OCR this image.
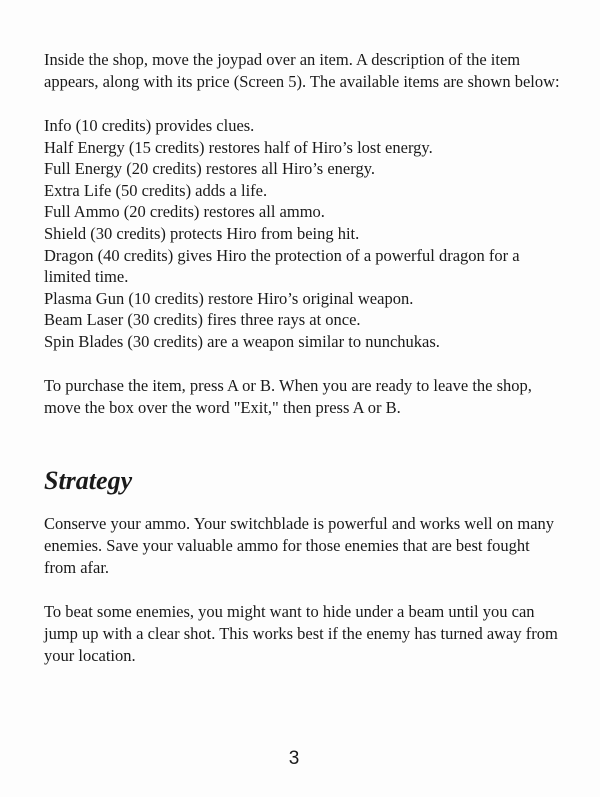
Inside the shop, move the joypad over an item. A description of the item appears, along with its price (Screen 5). The available items are shown below:

Info (10 credits) provides clues.
Half Energy (15 credits) restores half of Hiro’s lost energy.
Full Energy (20 credits) restores all Hiro’s energy.
Extra Life (50 credits) adds a life.
Full Ammo (20 credits) restores all ammo.
Shield (30 credits) protects Hiro from being hit.
Dragon (40 credits) gives Hiro the protection of a powerful dragon for a limited time.
Plasma Gun (10 credits) restore Hiro’s original weapon.
Beam Laser (30 credits) fires three rays at once.
Spin Blades (30 credits) are a weapon similar to nunchukas.

To purchase the item, press A or B. When you are ready to leave the shop, move the box over the word "Exit," then press A or B.

Strategy

Conserve your ammo. Your switchblade is powerful and works well on many enemies. Save your valuable ammo for those enemies that are best fought from afar.

To beat some enemies, you might want to hide under a beam until you can jump up with a clear shot. This works best if the enemy has turned away from your location.

3
